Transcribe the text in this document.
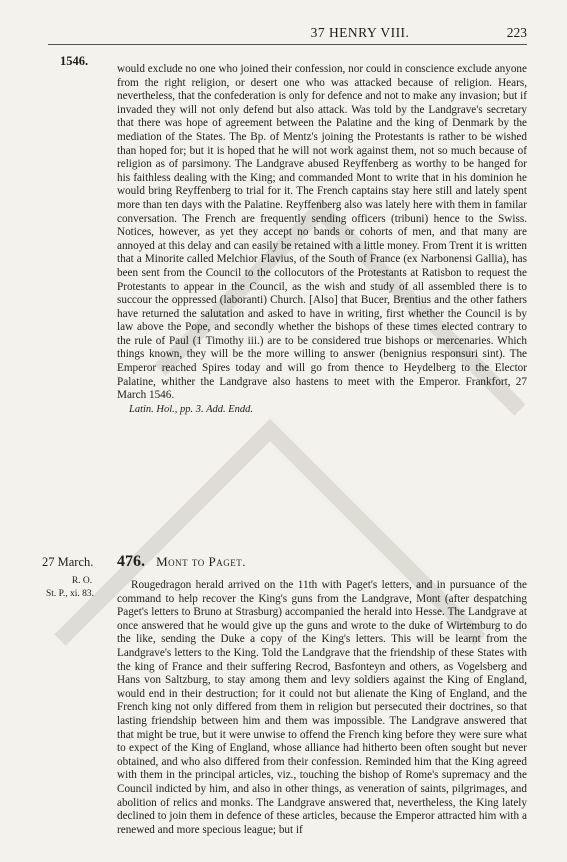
37 HENRY VIII.	223
1546.

would exclude no one who joined their confession, nor could in conscience exclude anyone from the right religion, or desert one who was attacked because of religion. Hears, nevertheless, that the confederation is only for defence and not to make any invasion; but if invaded they will not only defend but also attack. Was told by the Landgrave's secretary that there was hope of agreement between the Palatine and the king of Denmark by the mediation of the States. The Bp. of Mentz's joining the Protestants is rather to be wished than hoped for; but it is hoped that he will not work against them, not so much because of religion as of parsimony. The Landgrave abused Reyffenberg as worthy to be hanged for his faithless dealing with the King; and commanded Mont to write that in his dominion he would bring Reyffenberg to trial for it. The French captains stay here still and lately spent more than ten days with the Palatine. Reyffenberg also was lately here with them in familar conversation. The French are frequently sending officers (tribuni) hence to the Swiss. Notices, however, as yet they accept no bands or cohorts of men, and that many are annoyed at this delay and can easily be retained with a little money. From Trent it is written that a Minorite called Melchior Flavius, of the South of France (ex Narbonensi Gallia), has been sent from the Council to the collocutors of the Protestants at Ratisbon to request the Protestants to appear in the Council, as the wish and study of all assembled there is to succour the oppressed (laboranti) Church. [Also] that Bucer, Brentius and the other fathers have returned the salutation and asked to have in writing, first whether the Council is by law above the Pope, and secondly whether the bishops of these times elected contrary to the rule of Paul (1 Timothy iii.) are to be considered true bishops or mercenaries. Which things known, they will be the more willing to answer (benignius responsuri sint). The Emperor reached Spires today and will go from thence to Heydelberg to the Elector Palatine, whither the Landgrave also hastens to meet with the Emperor. Frankfort, 27 March 1546.

Latin. Hol., pp. 3. Add. Endd.

27 March. 476. Mont to Paget.
R. O.
St. P., xi. 83.

Rougedragon herald arrived on the 11th with Paget's letters, and in pursuance of the command to help recover the King's guns from the Landgrave, Mont (after despatching Paget's letters to Bruno at Strasburg) accompanied the herald into Hesse. The Landgrave at once answered that he would give up the guns and wrote to the duke of Wirtemburg to do the like, sending the Duke a copy of the King's letters. This will be learnt from the Landgrave's letters to the King. Told the Landgrave that the friendship of these States with the king of France and their suffering Recrod, Basfonteyn and others, as Vogelsberg and Hans von Saltzburg, to stay among them and levy soldiers against the King of England, would end in their destruction; for it could not but alienate the King of England, and the French king not only differed from them in religion but persecuted their doctrines, so that lasting friendship between him and them was impossible. The Landgrave answered that that might be true, but it were unwise to offend the French king before they were sure what to expect of the King of England, whose alliance had hitherto been often sought but never obtained, and who also differed from their confession. Reminded him that the King agreed with them in the principal articles, viz., touching the bishop of Rome's supremacy and the Council indicted by him, and also in other things, as veneration of saints, pilgrimages, and abolition of relics and monks. The Landgrave answered that, nevertheless, the King lately declined to join them in defence of these articles, because the Emperor attracted him with a renewed and more specious league; but if
